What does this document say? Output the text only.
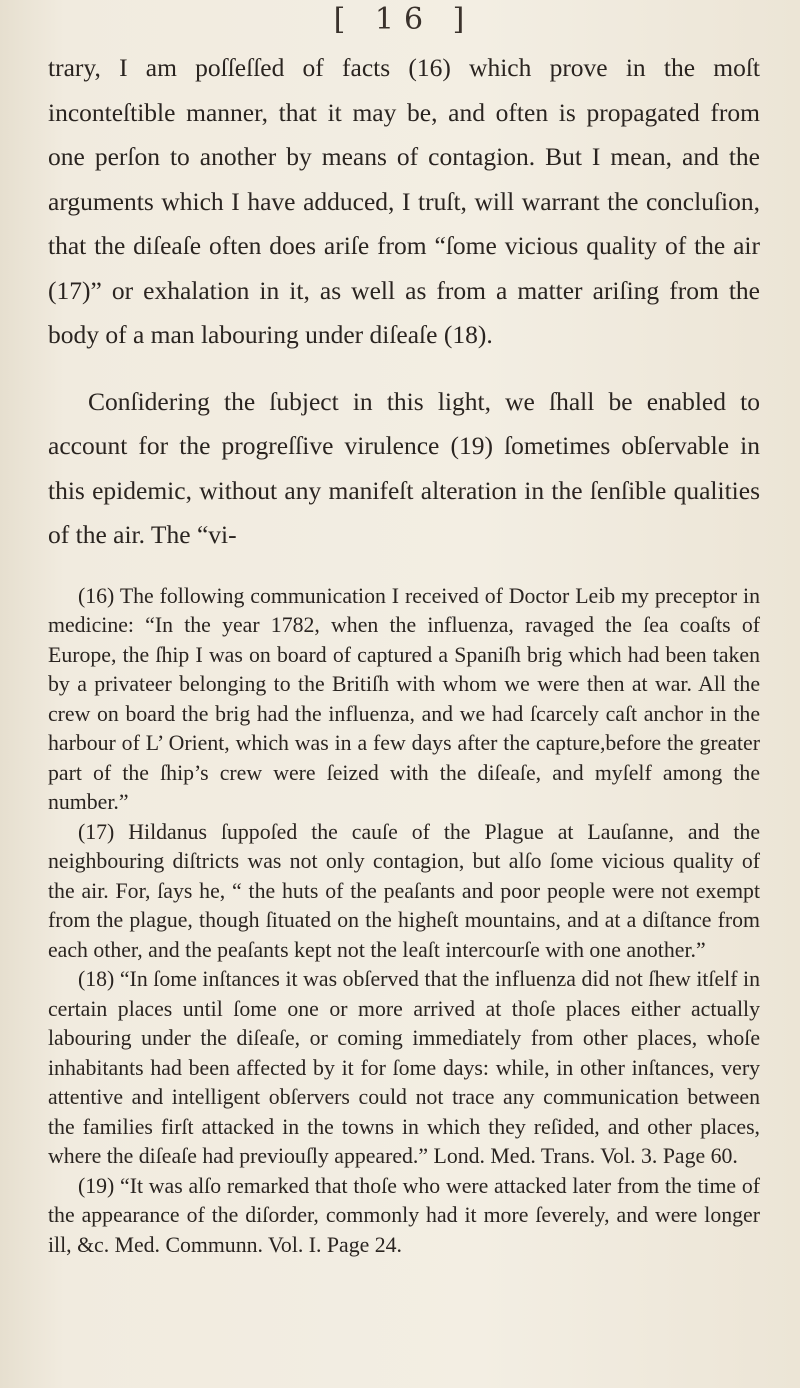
[ 16 ]

trary, I am poſſeſſed of facts (16) which prove in the moſt inconteſtible manner, that it may be, and often is propagated from one perſon to another by means of contagion. But I mean, and the arguments which I have adduced, I truſt, will warrant the concluſion, that the diſeaſe often does ariſe from “ſome vicious quality of the air (17)” or exhalation in it, as well as from a matter ariſing from the body of a man labouring under diſeaſe (18).

Conſidering the ſubject in this light, we ſhall be enabled to account for the progreſſive virulence (19) ſometimes obſervable in this epidemic, without any manifeſt alteration in the ſenſible qualities of the air. The “vi-

(16) The following communication I received of Doctor Leib my preceptor in medicine: “In the year 1782, when the influenza, ravaged the ſea coaſts of Europe, the ſhip I was on board of captured a Spaniſh brig which had been taken by a privateer belonging to the Britiſh with whom we were then at war. All the crew on board the brig had the influenza, and we had ſcarcely caſt anchor in the harbour of L’ Orient, which was in a few days after the capture,before the greater part of the ſhip’s crew were ſeized with the diſeaſe, and myſelf among the number.”

(17) Hildanus ſuppoſed the cauſe of the Plague at Lauſanne, and the neighbouring diſtricts was not only contagion, but alſo ſome vicious quality of the air. For, ſays he, “ the huts of the peaſants and poor people were not exempt from the plague, though ſituated on the higheſt mountains, and at a diſtance from each other, and the peaſants kept not the leaſt intercourſe with one another.”

(18) “In ſome inſtances it was obſerved that the influenza did not ſhew itſelf in certain places until ſome one or more arrived at thoſe places either actually labouring under the diſeaſe, or coming immediately from other places, whoſe inhabitants had been affected by it for ſome days: while, in other inſtances, very attentive and intelligent obſervers could not trace any communication between the families firſt attacked in the towns in which they reſided, and other places, where the diſeaſe had previouſly appeared.” Lond. Med. Trans. Vol. 3. Page 60.

(19) “It was alſo remarked that thoſe who were attacked later from the time of the appearance of the diſorder, commonly had it more ſeverely, and were longer ill, &c. Med. Communn. Vol. I. Page 24.
